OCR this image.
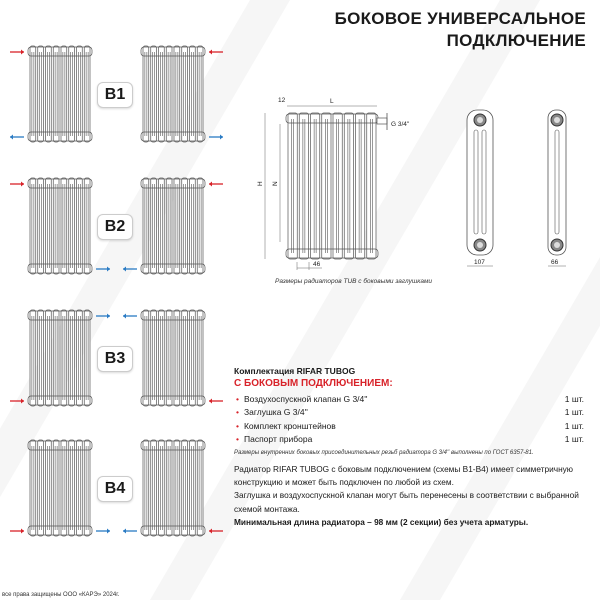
БОКОВОЕ УНИВЕРСАЛЬНОЕ
ПОДКЛЮЧЕНИЕ
B1
B2
B3
B4
12	L
G 3/4''
46	107	66
H N
Размеры радиаторов TUB с боковыми заглушками
Комплектация RIFAR TUBOG
С БОКОВЫМ ПОДКЛЮЧЕНИЕМ:
• Воздухоспускной клапан G 3/4''	1 шт.
• Заглушка G 3/4''	1 шт.
• Комплект кронштейнов	1 шт.
• Паспорт прибора	1 шт.
Размеры внутренних боковых присоединительных резьб радиатора G 3/4'' выполнены по ГОСТ 6357-81.

Радиатор RIFAR TUBOG с боковым подключением (схемы В1-В4) имеет симметричную конструкцию и может быть подключен по любой из схем.

Заглушка и воздухоспускной клапан могут быть перенесены в соответствии с выбранной схемой монтажа.

Минимальная длина радиатора – 98 мм (2 секции) без учета арматуры.

все права защищены ООО «КАРЭ» 2024г.
